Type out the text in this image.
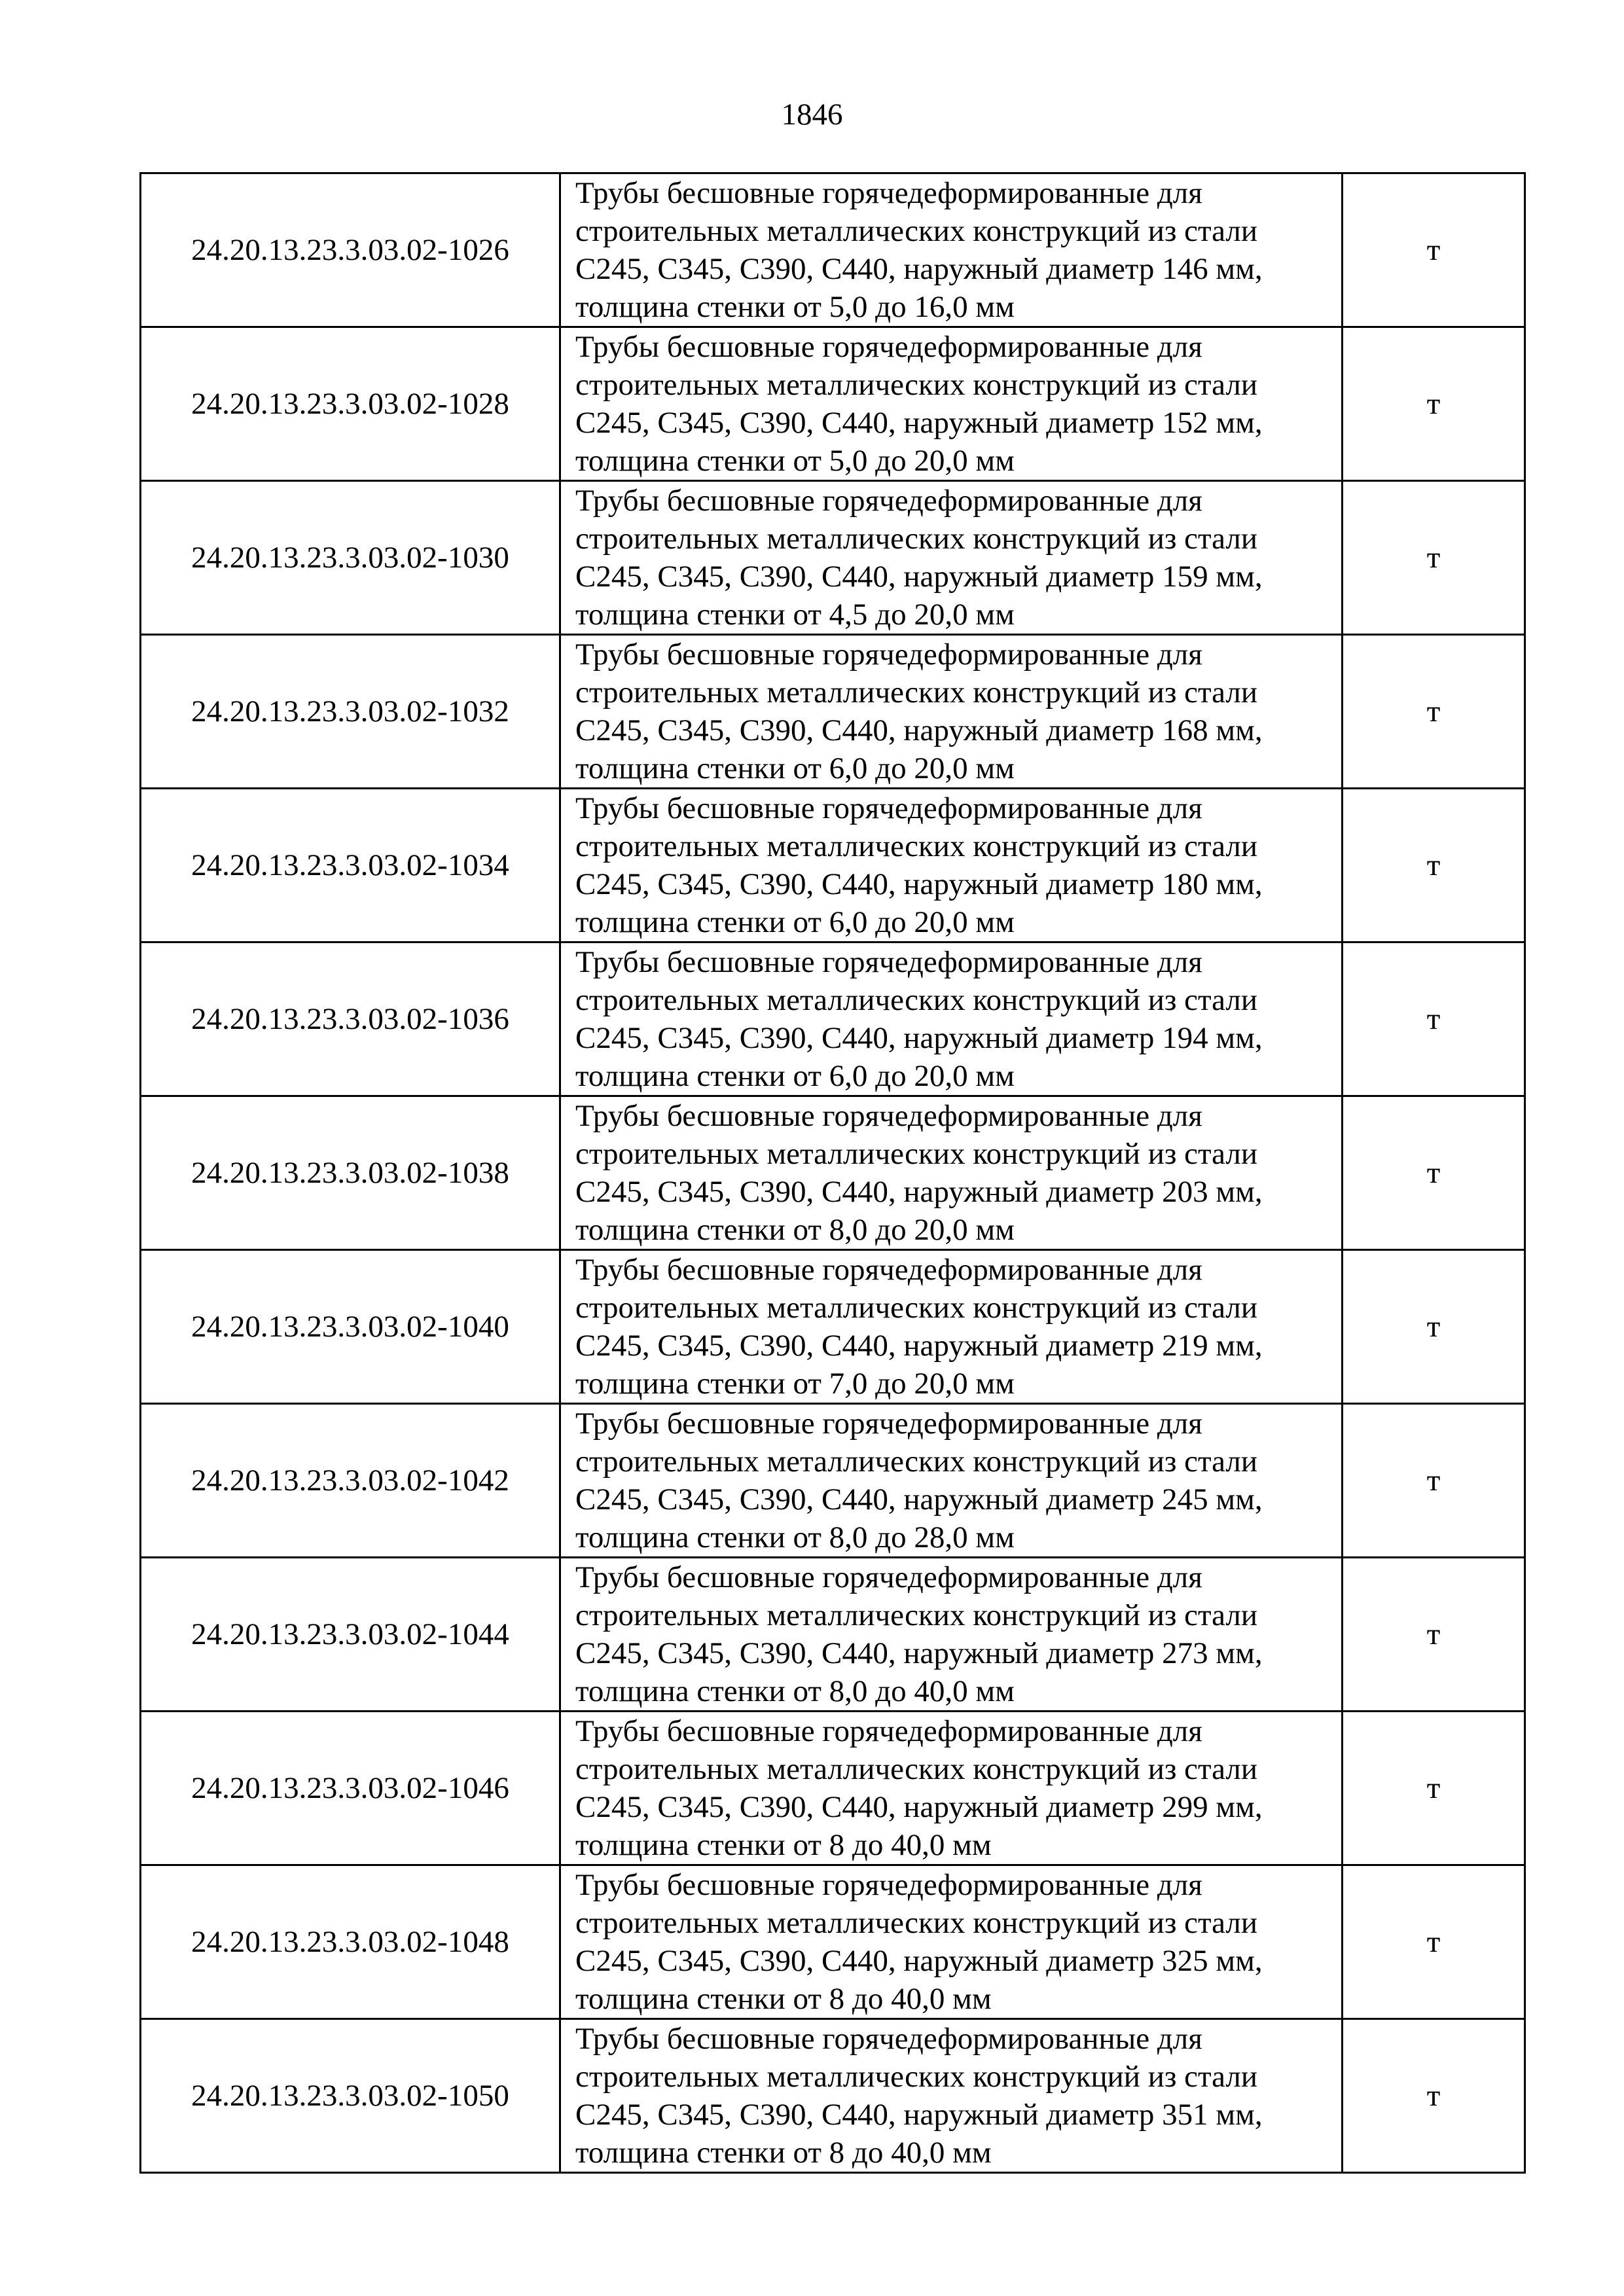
1846
24.20.13.23.3.03.02-1026	Трубы бесшовные горячедеформированные для
строительных металлических конструкций из стали
С245, С345, С390, С440, наружный диаметр 146 мм,
толщина стенки от 5,0 до 16,0 мм	т
24.20.13.23.3.03.02-1028	Трубы бесшовные горячедеформированные для
строительных металлических конструкций из стали
С245, С345, С390, С440, наружный диаметр 152 мм,
толщина стенки от 5,0 до 20,0 мм	т
24.20.13.23.3.03.02-1030	Трубы бесшовные горячедеформированные для
строительных металлических конструкций из стали
С245, С345, С390, С440, наружный диаметр 159 мм,
толщина стенки от 4,5 до 20,0 мм	т
24.20.13.23.3.03.02-1032	Трубы бесшовные горячедеформированные для
строительных металлических конструкций из стали
С245, С345, С390, С440, наружный диаметр 168 мм,
толщина стенки от 6,0 до 20,0 мм	т
24.20.13.23.3.03.02-1034	Трубы бесшовные горячедеформированные для
строительных металлических конструкций из стали
С245, С345, С390, С440, наружный диаметр 180 мм,
толщина стенки от 6,0 до 20,0 мм	т
24.20.13.23.3.03.02-1036	Трубы бесшовные горячедеформированные для
строительных металлических конструкций из стали
С245, С345, С390, С440, наружный диаметр 194 мм,
толщина стенки от 6,0 до 20,0 мм	т
24.20.13.23.3.03.02-1038	Трубы бесшовные горячедеформированные для
строительных металлических конструкций из стали
С245, С345, С390, С440, наружный диаметр 203 мм,
толщина стенки от 8,0 до 20,0 мм	т
24.20.13.23.3.03.02-1040	Трубы бесшовные горячедеформированные для
строительных металлических конструкций из стали
С245, С345, С390, С440, наружный диаметр 219 мм,
толщина стенки от 7,0 до 20,0 мм	т
24.20.13.23.3.03.02-1042	Трубы бесшовные горячедеформированные для
строительных металлических конструкций из стали
С245, С345, С390, С440, наружный диаметр 245 мм,
толщина стенки от 8,0 до 28,0 мм	т
24.20.13.23.3.03.02-1044	Трубы бесшовные горячедеформированные для
строительных металлических конструкций из стали
С245, С345, С390, С440, наружный диаметр 273 мм,
толщина стенки от 8,0 до 40,0 мм	т
24.20.13.23.3.03.02-1046	Трубы бесшовные горячедеформированные для
строительных металлических конструкций из стали
С245, С345, С390, С440, наружный диаметр 299 мм,
толщина стенки от 8 до 40,0 мм	т
24.20.13.23.3.03.02-1048	Трубы бесшовные горячедеформированные для
строительных металлических конструкций из стали
С245, С345, С390, С440, наружный диаметр 325 мм,
толщина стенки от 8 до 40,0 мм	т
24.20.13.23.3.03.02-1050	Трубы бесшовные горячедеформированные для
строительных металлических конструкций из стали
С245, С345, С390, С440, наружный диаметр 351 мм,
толщина стенки от 8 до 40,0 мм	т
